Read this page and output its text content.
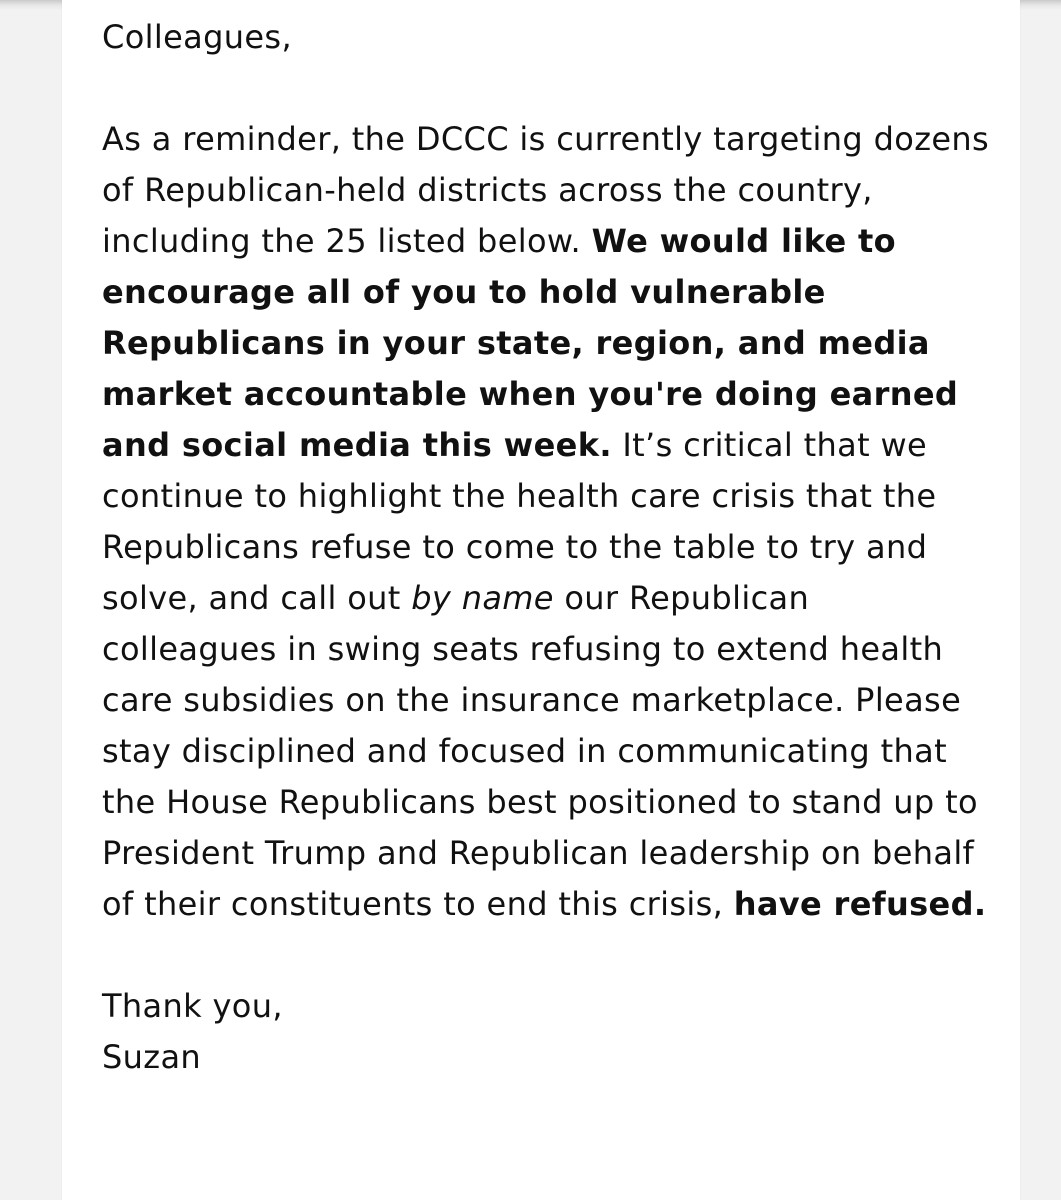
Colleagues,

As a reminder, the DCCC is currently targeting dozens of Republican-held districts across the country, including the 25 listed below. We would like to encourage all of you to hold vulnerable Republicans in your state, region, and media market accountable when you're doing earned and social media this week. It’s critical that we continue to highlight the health care crisis that the Republicans refuse to come to the table to try and solve, and call out by name our Republican colleagues in swing seats refusing to extend health care subsidies on the insurance marketplace. Please stay disciplined and focused in communicating that the House Republicans best positioned to stand up to President Trump and Republican leadership on behalf of their constituents to end this crisis, have refused.

Thank you,

Suzan
